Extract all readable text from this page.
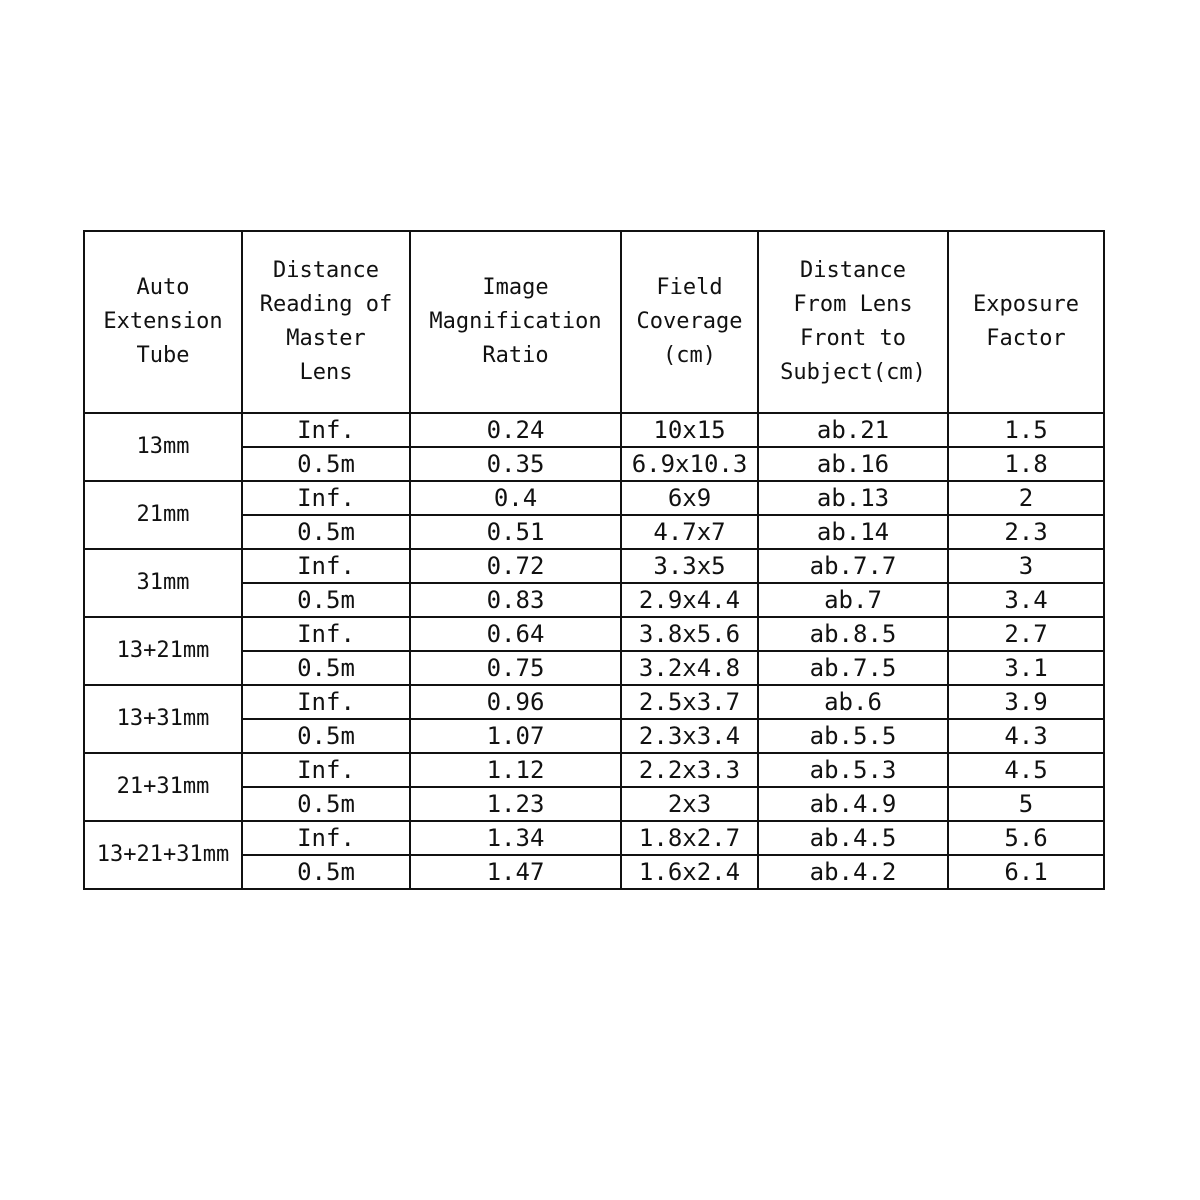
Auto
Extension
Tube	Distance
Reading of
Master
Lens	Image
Magnification
Ratio	Field
Coverage
(cm)	Distance
From Lens
Front to
Subject(cm)	Exposure
Factor

13mm	Inf.	0.24	10x15	ab.21	1.5
	0.5m	0.35	6.9x10.3	ab.16	1.8
21mm	Inf.	0.4	6x9	ab.13	2
	0.5m	0.51	4.7x7	ab.14	2.3
31mm	Inf.	0.72	3.3x5	ab.7.7	3
	0.5m	0.83	2.9x4.4	ab.7	3.4
13+21mm	Inf.	0.64	3.8x5.6	ab.8.5	2.7
	0.5m	0.75	3.2x4.8	ab.7.5	3.1
13+31mm	Inf.	0.96	2.5x3.7	ab.6	3.9
	0.5m	1.07	2.3x3.4	ab.5.5	4.3
21+31mm	Inf.	1.12	2.2x3.3	ab.5.3	4.5
	0.5m	1.23	2x3	ab.4.9	5
13+21+31mm	Inf.	1.34	1.8x2.7	ab.4.5	5.6
	0.5m	1.47	1.6x2.4	ab.4.2	6.1
